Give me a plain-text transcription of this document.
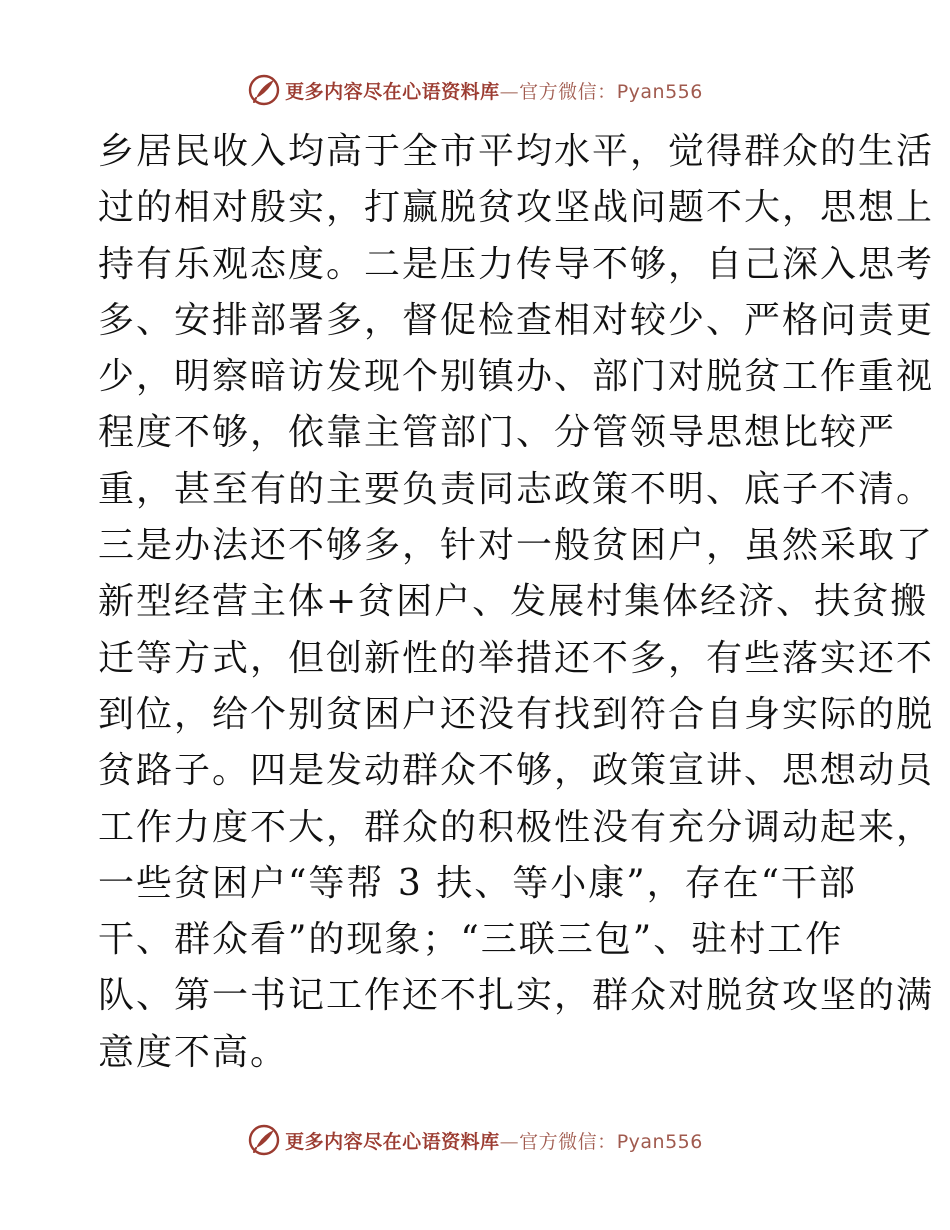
更多内容尽在心语资料库—官方微信：Pyan556
乡居民收入均高于全市平均水平，觉得群众的生活
过的相对殷实，打赢脱贫攻坚战问题不大，思想上
持有乐观态度。二是压力传导不够，自己深入思考
多、安排部署多，督促检查相对较少、严格问责更
少，明察暗访发现个别镇办、部门对脱贫工作重视
程度不够，依靠主管部门、分管领导思想比较严
重，甚至有的主要负责同志政策不明、底子不清。
三是办法还不够多，针对一般贫困户，虽然采取了
新型经营主体+贫困户、发展村集体经济、扶贫搬
迁等方式，但创新性的举措还不多，有些落实还不
到位，给个别贫困户还没有找到符合自身实际的脱
贫路子。四是发动群众不够，政策宣讲、思想动员
工作力度不大，群众的积极性没有充分调动起来，
一些贫困户“等帮 3 扶、等小康”，存在“干部
干、群众看”的现象；“三联三包”、驻村工作
队、第一书记工作还不扎实，群众对脱贫攻坚的满
意度不高。
更多内容尽在心语资料库—官方微信：Pyan556
